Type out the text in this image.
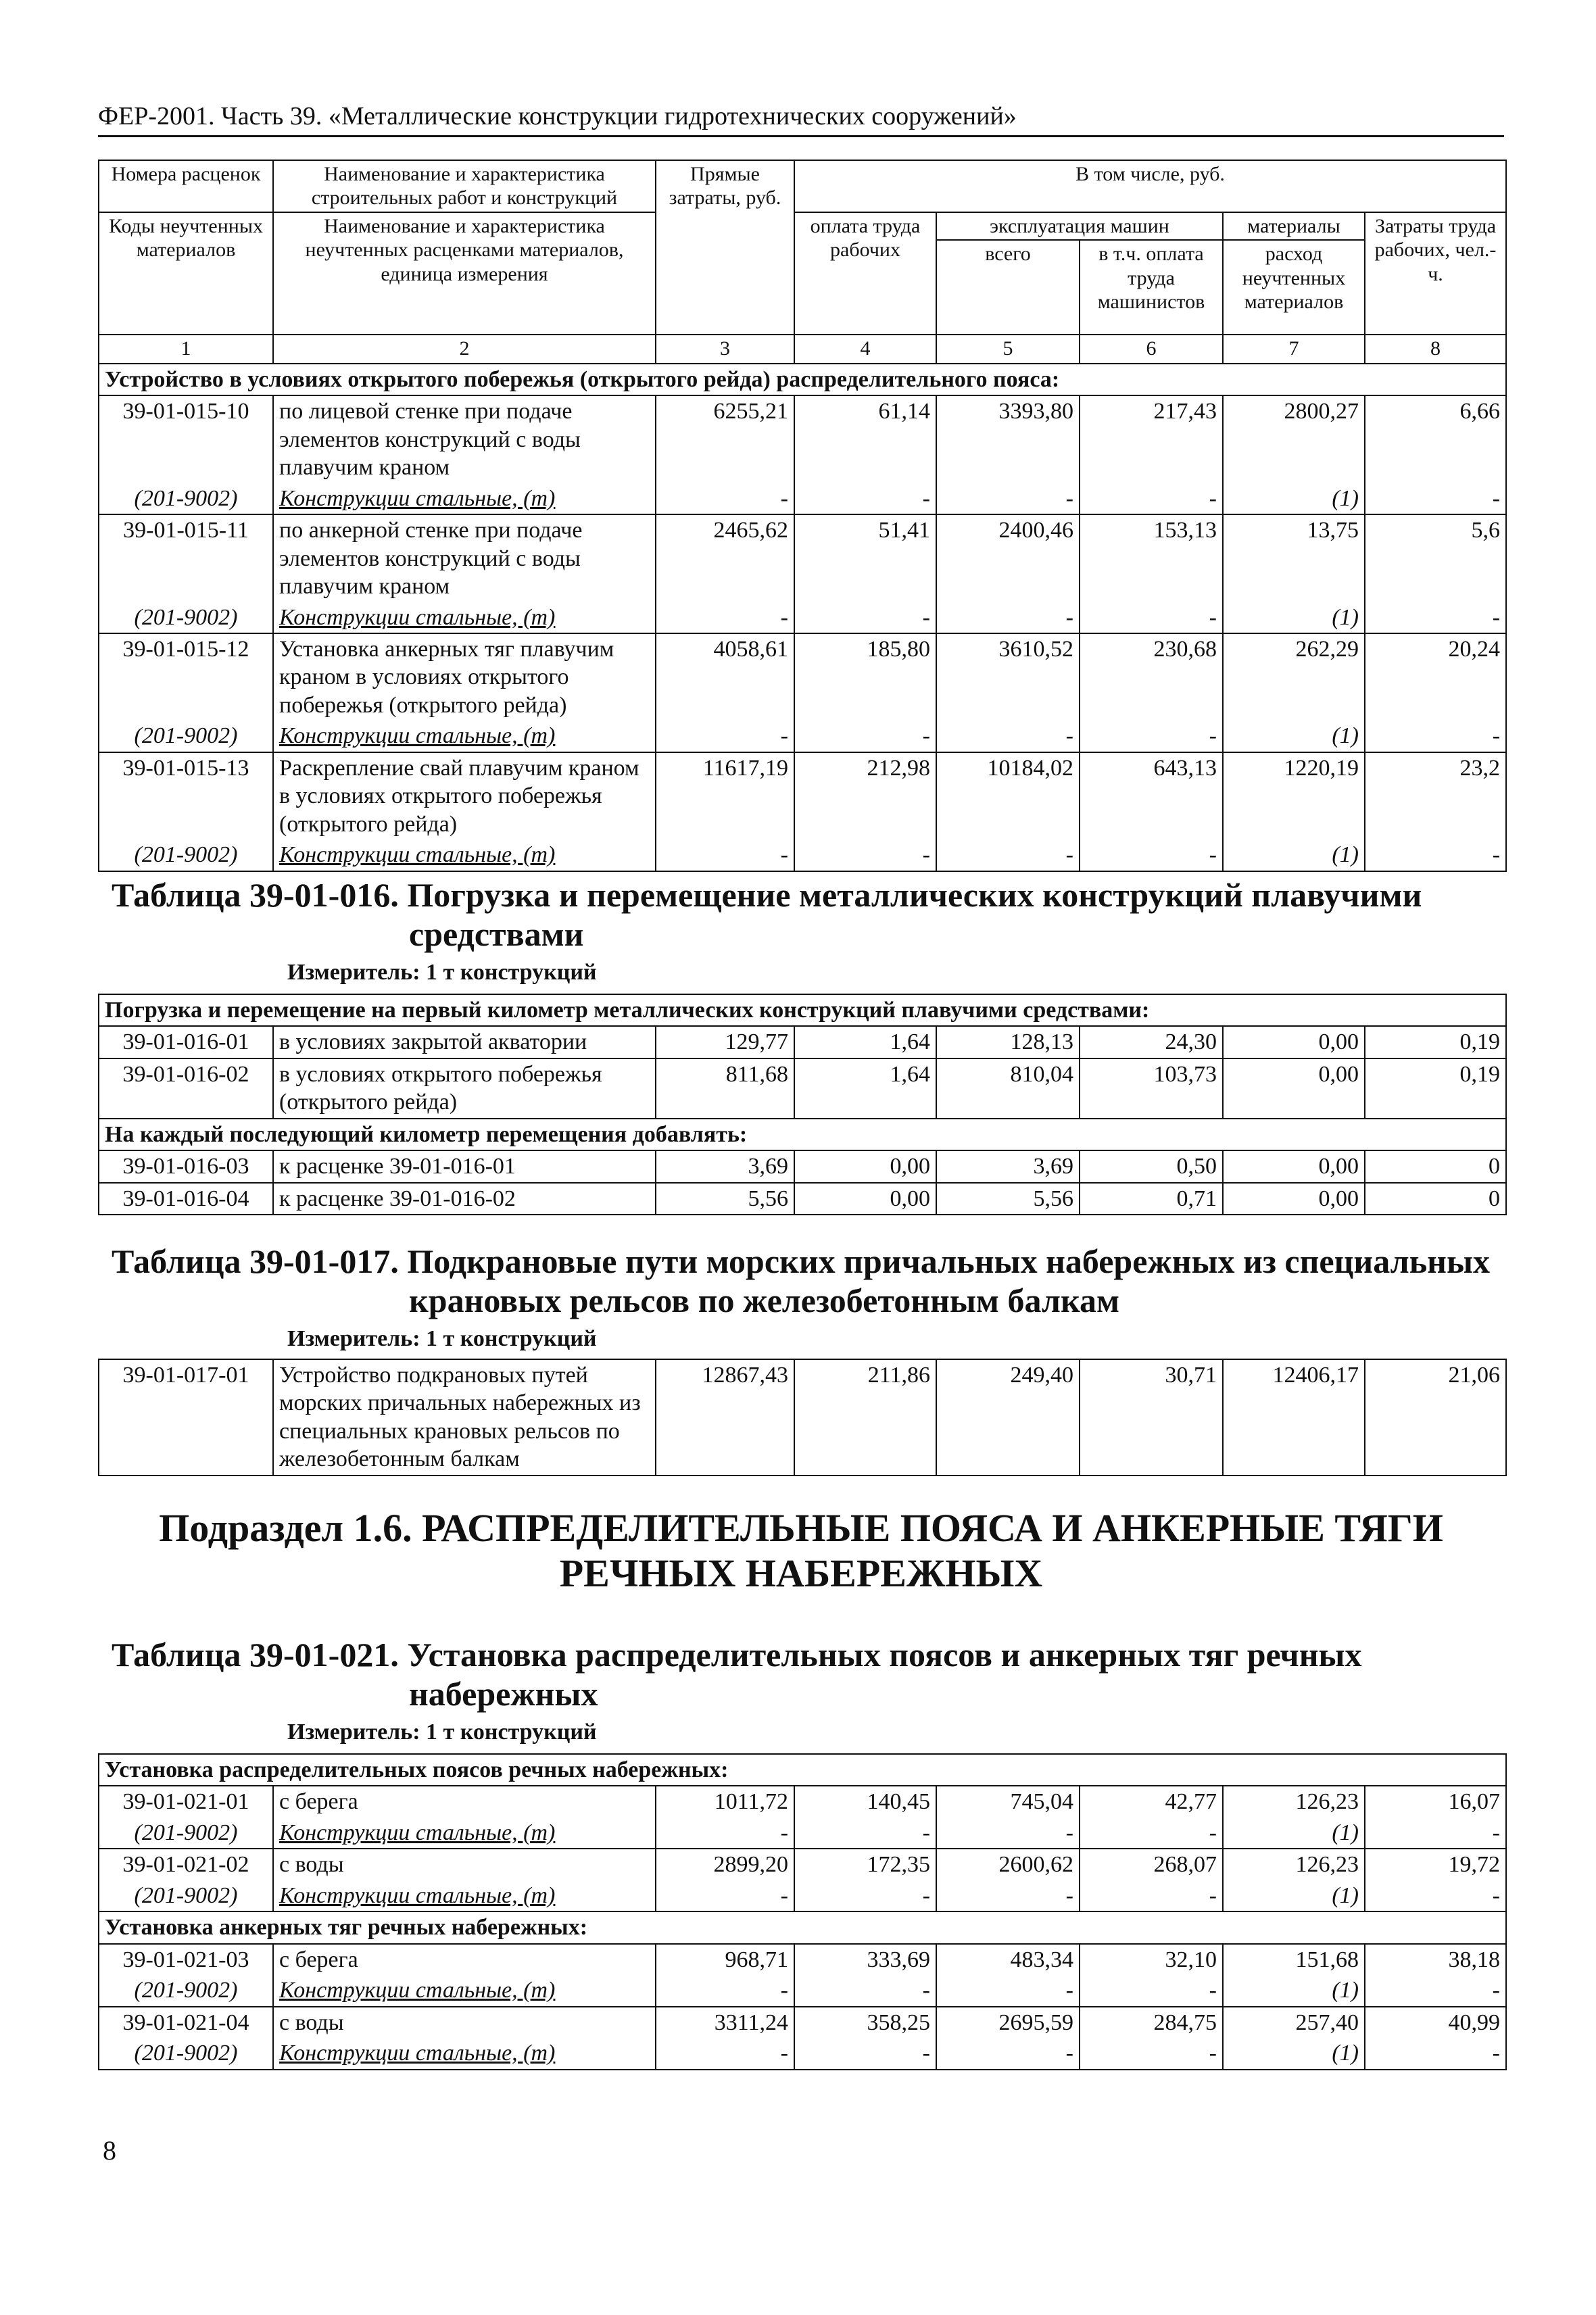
ФЕР-2001. Часть 39. «Металлические конструкции гидротехнических сооружений»
Номера расценок	Наименование и характеристика строительных работ и конструкций	Прямые затраты, руб.	В том числе, руб.				
Коды неучтенных материалов	Наименование и характеристика неучтенных расценками материалов, единица измерения		оплата труда рабочих	эксплуатация машин		материалы	Затраты труда рабочих, чел.-ч.
				всего	в т.ч. оплата труда машинистов	расход неучтенных материалов	

1	2	3	4	5	6	7	8
Устройство в условиях открытого побережья (открытого рейда) распределительного пояса:							
39-01-015-10	по лицевой стенке при подаче элементов конструкций с воды плавучим краном	6255,21	61,14	3393,80	217,43	2800,27	6,66
(201-9002)	Конструкции стальные, (т)	-	-	-	-	(1)	-
39-01-015-11	по анкерной стенке при подаче элементов конструкций с воды плавучим краном	2465,62	51,41	2400,46	153,13	13,75	5,6
(201-9002)	Конструкции стальные, (т)	-	-	-	-	(1)	-
39-01-015-12	Установка анкерных тяг плавучим краном в условиях открытого побережья (открытого рейда)	4058,61	185,80	3610,52	230,68	262,29	20,24
(201-9002)	Конструкции стальные, (т)	-	-	-	-	(1)	-
39-01-015-13	Раскрепление свай плавучим краном в условиях открытого побережья (открытого рейда)	11617,19	212,98	10184,02	643,13	1220,19	23,2
(201-9002)	Конструкции стальные, (т)	-	-	-	-	(1)	-
Таблица 39-01-016. Погрузка и перемещение металлических конструкций плавучими
средствами
Измеритель: 1 т конструкций
Погрузка и перемещение на первый километр металлических конструкций плавучими средствами:							
39-01-016-01	в условиях закрытой акватории	129,77	1,64	128,13	24,30	0,00	0,19
39-01-016-02	в условиях открытого побережья (открытого рейда)	811,68	1,64	810,04	103,73	0,00	0,19
На каждый последующий километр перемещения добавлять:							
39-01-016-03	к расценке 39-01-016-01	3,69	0,00	3,69	0,50	0,00	0
39-01-016-04	к расценке 39-01-016-02	5,56	0,00	5,56	0,71	0,00	0
Таблица 39-01-017. Подкрановые пути морских причальных набережных из специальных
крановых рельсов по железобетонным балкам
Измеритель: 1 т конструкций
39-01-017-01	Устройство подкрановых путей морских причальных набережных из специальных крановых рельсов по железобетонным балкам	12867,43	211,86	249,40	30,71	12406,17	21,06
Подраздел 1.6. РАСПРЕДЕЛИТЕЛЬНЫЕ ПОЯСА И АНКЕРНЫЕ ТЯГИ
РЕЧНЫХ НАБЕРЕЖНЫХ
Таблица 39-01-021. Установка распределительных поясов и анкерных тяг речных
набережных
Измеритель: 1 т конструкций
Установка распределительных поясов речных набережных:							
39-01-021-01	с берега	1011,72	140,45	745,04	42,77	126,23	16,07
(201-9002)	Конструкции стальные, (т)	-	-	-	-	(1)	-
39-01-021-02	с воды	2899,20	172,35	2600,62	268,07	126,23	19,72
(201-9002)	Конструкции стальные, (т)	-	-	-	-	(1)	-
Установка анкерных тяг речных набережных:							
39-01-021-03	с берега	968,71	333,69	483,34	32,10	151,68	38,18
(201-9002)	Конструкции стальные, (т)	-	-	-	-	(1)	-
39-01-021-04	с воды	3311,24	358,25	2695,59	284,75	257,40	40,99
(201-9002)	Конструкции стальные, (т)	-	-	-	-	(1)	-
8
